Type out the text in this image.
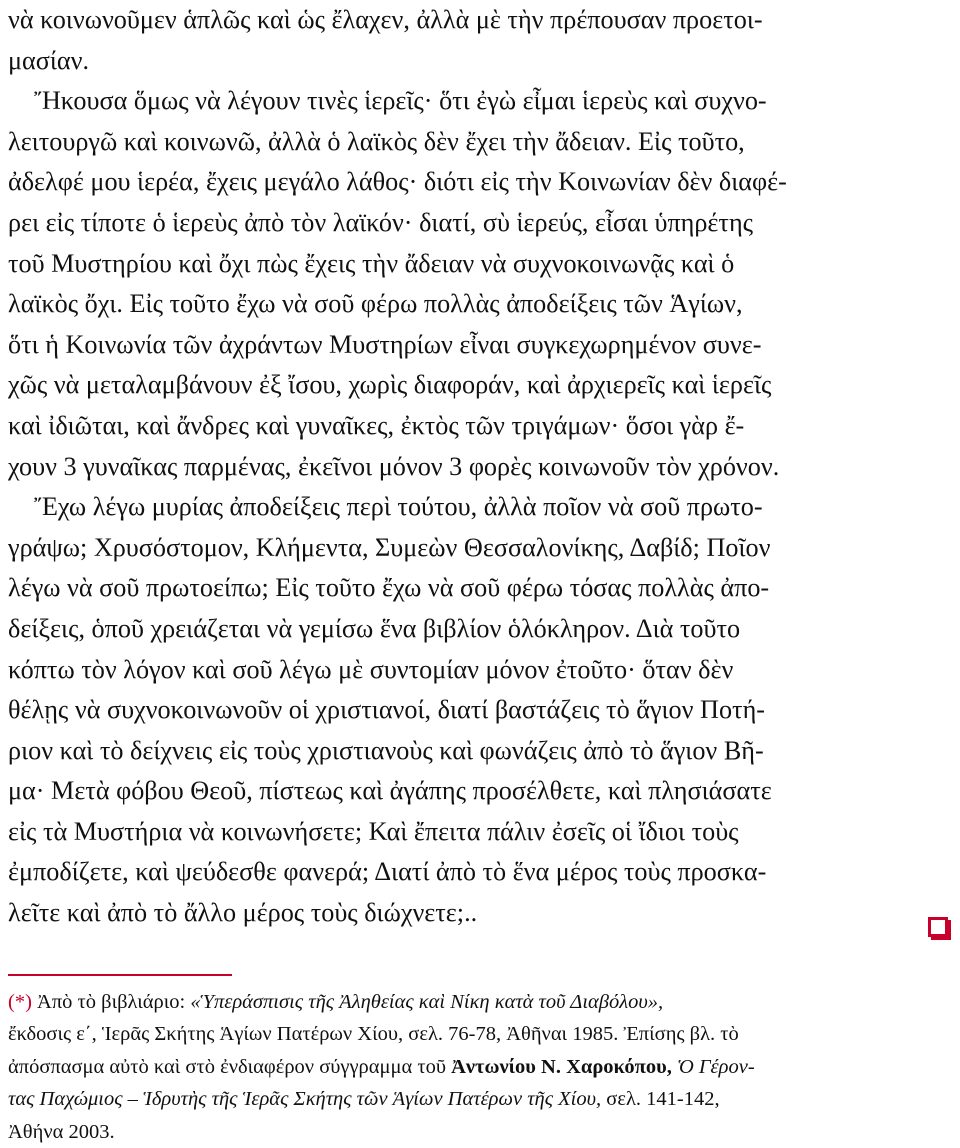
νὰ κοινωνοῦμεν ἁπλῶς καὶ ὡς ἔλαχεν, ἀλλὰ μὲ τὴν πρέπουσαν προετοι-
μασίαν.
Ἤκουσα ὅμως νὰ λέγουν τινὲς ἱερεῖς· ὅτι ἐγὼ εἶμαι ἱερεὺς καὶ συχνο-
λειτουργῶ καὶ κοινωνῶ, ἀλλὰ ὁ λαϊκὸς δὲν ἔχει τὴν ἄδειαν. Εἰς τοῦτο,
ἀδελφέ μου ἱερέα, ἔχεις μεγάλο λάθος· διότι εἰς τὴν Κοινωνίαν δὲν διαφέ-
ρει εἰς τίποτε ὁ ἱερεὺς ἀπὸ τὸν λαϊκόν· διατί, σὺ ἱερεύς, εἶσαι ὑπηρέτης
τοῦ Μυστηρίου καὶ ὄχι πὼς ἔχεις τὴν ἄδειαν νὰ συχνοκοινωνᾷς καὶ ὁ
λαϊκὸς ὄχι. Εἰς τοῦτο ἔχω νὰ σοῦ φέρω πολλὰς ἀποδείξεις τῶν Ἁγίων,
ὅτι ἡ Κοινωνία τῶν ἀχράντων Μυστηρίων εἶναι συγκεχωρημένον συνε-
χῶς νὰ μεταλαμβάνουν ἐξ ἴσου, χωρὶς διαφοράν, καὶ ἀρχιερεῖς καὶ ἱερεῖς
καὶ ἰδιῶται, καὶ ἄνδρες καὶ γυναῖκες, ἐκτὸς τῶν τριγάμων· ὅσοι γὰρ ἔ-
χουν 3 γυναῖκας παρμένας, ἐκεῖνοι μόνον 3 φορὲς κοινωνοῦν τὸν χρόνον.
Ἔχω λέγω μυρίας ἀποδείξεις περὶ τούτου, ἀλλὰ ποῖον νὰ σοῦ πρωτο-
γράψω; Χρυσόστομον, Κλήμεντα, Συμεὼν Θεσσαλονίκης, Δαβίδ; Ποῖον
λέγω νὰ σοῦ πρωτοείπω; Εἰς τοῦτο ἔχω νὰ σοῦ φέρω τόσας πολλὰς ἀπο-
δείξεις, ὁποῦ χρειάζεται νὰ γεμίσω ἕνα βιβλίον ὁλόκληρον. Διὰ τοῦτο
κόπτω τὸν λόγον καὶ σοῦ λέγω μὲ συντομίαν μόνον ἐτοῦτο· ὅταν δὲν
θέλῃς νὰ συχνοκοινωνοῦν οἱ χριστιανοί, διατί βαστάζεις τὸ ἅγιον Ποτή-
ριον καὶ τὸ δείχνεις εἰς τοὺς χριστιανοὺς καὶ φωνάζεις ἀπὸ τὸ ἅγιον Βῆ-
μα· Μετὰ φόβου Θεοῦ, πίστεως καὶ ἀγάπης προσέλθετε, καὶ πλησιάσατε
εἰς τὰ Μυστήρια νὰ κοινωνήσετε; Καὶ ἔπειτα πάλιν ἐσεῖς οἱ ἴδιοι τοὺς
ἐμποδίζετε, καὶ ψεύδεσθε φανερά; Διατί ἀπὸ τὸ ἕνα μέρος τοὺς προσκα-
λεῖτε καὶ ἀπὸ τὸ ἄλλο μέρος τοὺς διώχνετε;..
(*) Ἀπὸ τὸ βιβλιάριο: «Ὑπεράσπισις τῆς Ἀληθείας καὶ Νίκη κατὰ τοῦ Διαβόλου»,
ἔκδοσις ε΄, Ἱερᾶς Σκήτης Ἁγίων Πατέρων Χίου, σελ. 76-78, Ἀθῆναι 1985. Ἐπίσης βλ. τὸ
ἀπόσπασμα αὐτὸ καὶ στὸ ἐνδιαφέρον σύγγραμμα τοῦ Ἀντωνίου Ν. Χαροκόπου, Ὁ Γέρον-
τας Παχώμιος – Ἱδρυτὴς τῆς Ἱερᾶς Σκήτης τῶν Ἁγίων Πατέρων τῆς Χίου, σελ. 141-142,
Ἀθήνα 2003.
